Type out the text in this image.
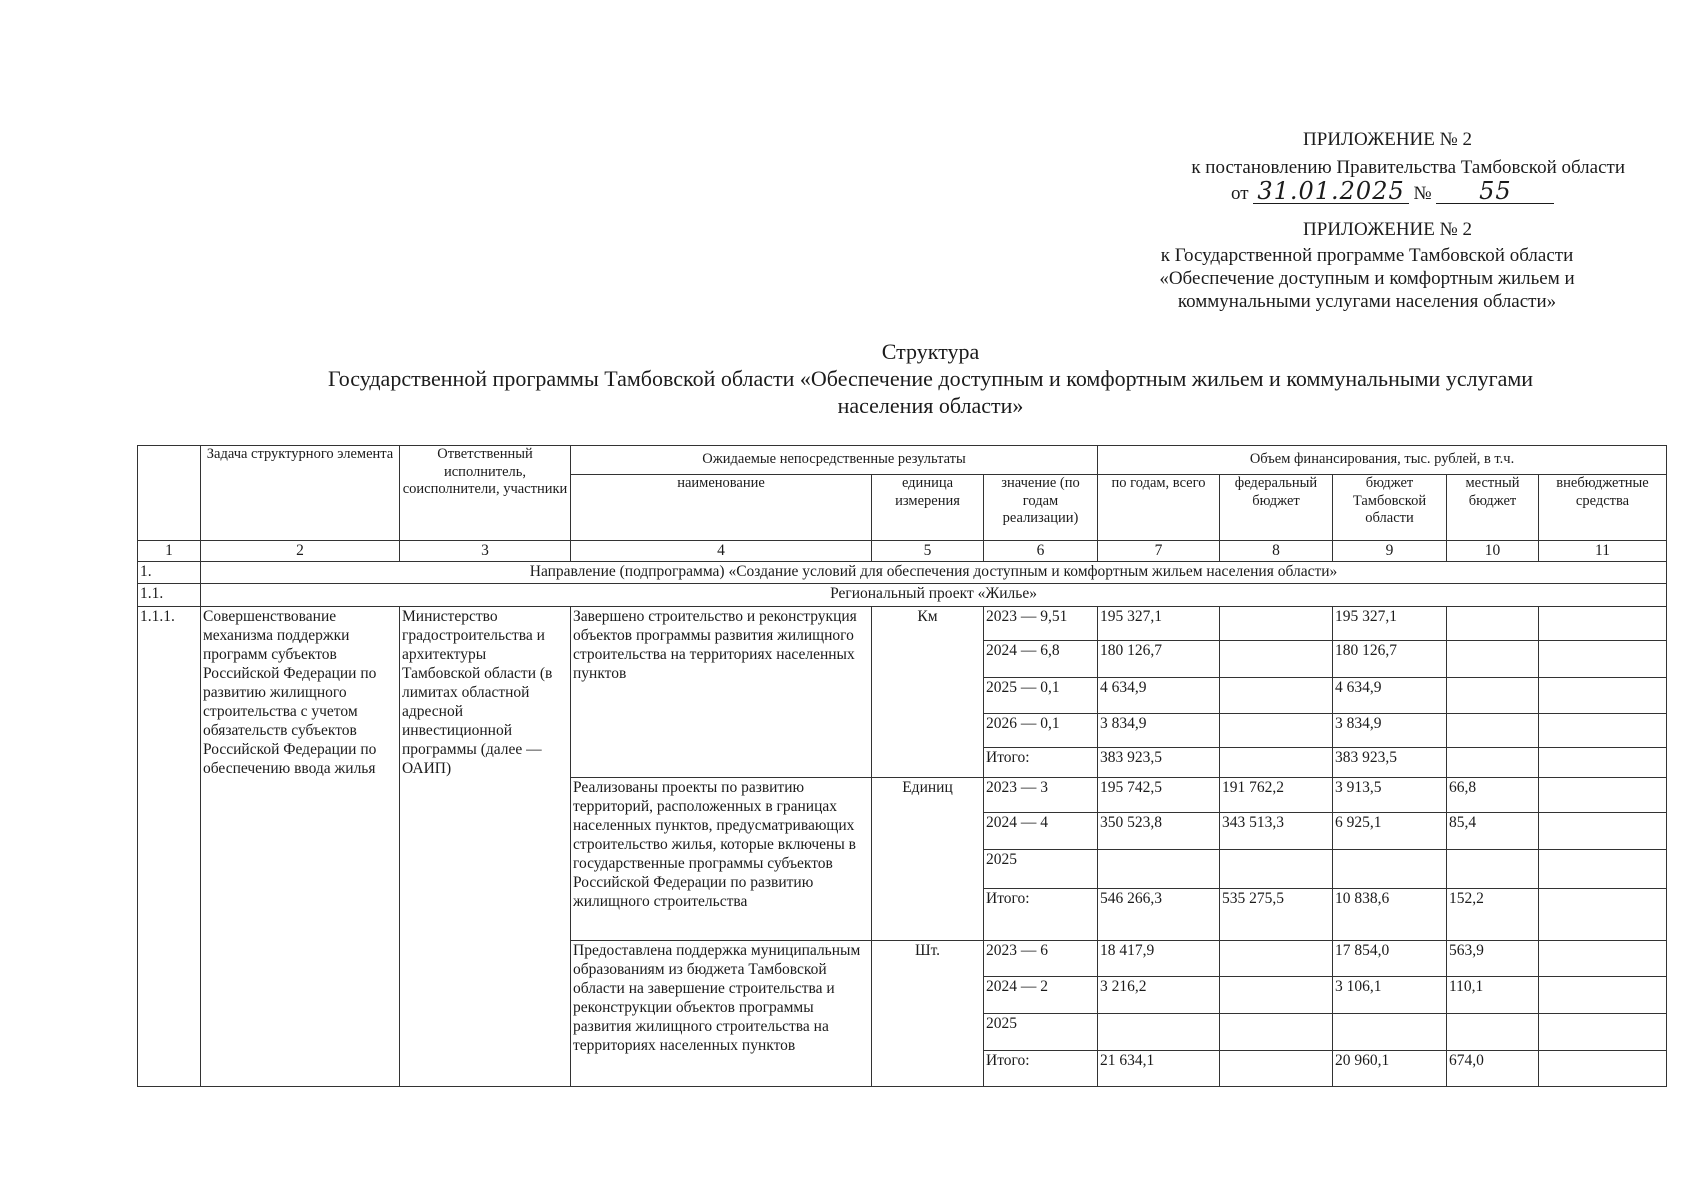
ПРИЛОЖЕНИЕ № 2
к постановлению Правительства Тамбовской области
от 31.01.2025 № 55
ПРИЛОЖЕНИЕ № 2
к Государственной программе Тамбовской области
«Обеспечение доступным и комфортным жильем и
коммунальными услугами населения области»
Структура
Государственной программы Тамбовской области «Обеспечение доступным и комфортным жильем и коммунальными услугами
населения области»
	Задача структурного элемента	Ответственный исполнитель, соисполнители, участники	Ожидаемые непосредственные результаты			Объем финансирования, тыс. рублей, в т.ч.				
			наименование	единица измерения	значение (по годам реализации)	по годам, всего	федеральный бюджет	бюджет Тамбовской области	местный бюджет	внебюджетные средства
1	2	3	4	5	6	7	8	9	10	11
1.	Направление (подпрограмма) «Создание условий для обеспечения доступным и комфортным жильем населения области»									
1.1.	Региональный проект «Жилье»									
1.1.1.	Совершенствование механизма поддержки программ субъектов Российской Федерации по развитию жилищного строительства с учетом обязательств субъектов Российской Федерации по обеспечению ввода жилья	Министерство градостроительства и архитектуры Тамбовской области (в лимитах областной адресной инвестиционной программы (далее — ОАИП)	Завершено строительство и реконструкция объектов программы развития жилищного строительства на территориях населенных пунктов	Км	2023 — 9,51	195 327,1		195 327,1		
					2024 — 6,8	180 126,7		180 126,7		
					2025 — 0,1	4 634,9		4 634,9		
					2026 — 0,1	3 834,9		3 834,9		
					Итого:	383 923,5		383 923,5		
			Реализованы проекты по развитию территорий, расположенных в границах населенных пунктов, предусматривающих строительство жилья, которые включены в государственные программы субъектов Российской Федерации по развитию жилищного строительства	Единиц	2023 — 3	195 742,5	191 762,2	3 913,5	66,8	
					2024 — 4	350 523,8	343 513,3	6 925,1	85,4	
					2025					
					Итого:	546 266,3	535 275,5	10 838,6	152,2	
			Предоставлена поддержка муниципальным образованиям из бюджета Тамбовской области на завершение строительства и реконструкции объектов программы развития жилищного строительства на территориях населенных пунктов	Шт.	2023 — 6	18 417,9		17 854,0	563,9	
					2024 — 2	3 216,2		3 106,1	110,1	
					2025					
					Итого:	21 634,1		20 960,1	674,0	
